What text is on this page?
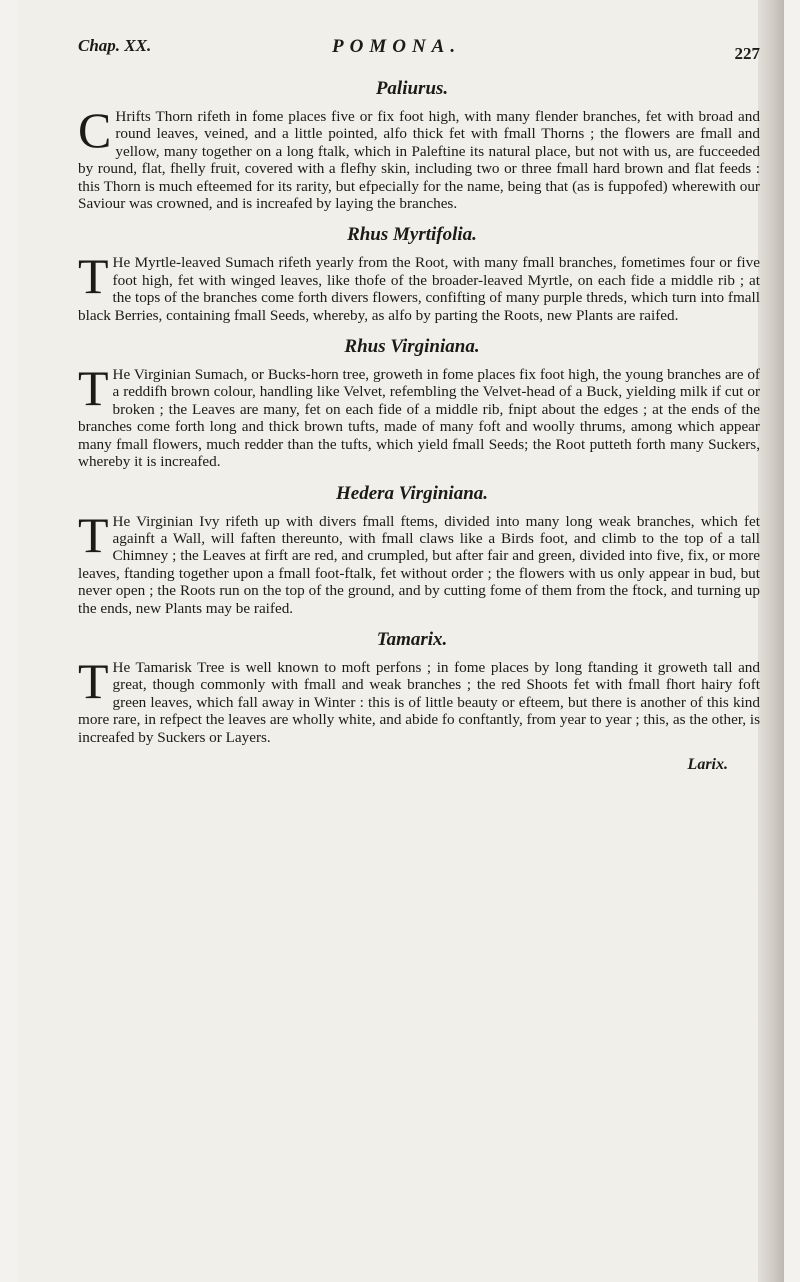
Chap. XX.	POMONA.	227
Paliurus.

C Hrifts Thorn rifeth in fome places five or fix foot high, with many flender branches, fet with broad and round leaves, veined, and a little pointed, alfo thick fet with fmall Thorns ; the flowers are fmall and yellow, many together on a long ftalk, which in Paleftine its natural place, but not with us, are fucceeded by round, flat, fhelly fruit, covered with a flefhy skin, including two or three fmall hard brown and flat feeds : this Thorn is much efteemed for its rarity, but efpecially for the name, being that (as is fuppofed) wherewith our Saviour was crowned, and is increafed by laying the branches.

Rhus Myrtifolia.

T He Myrtle-leaved Sumach rifeth yearly from the Root, with many fmall branches, fometimes four or five foot high, fet with winged leaves, like thofe of the broader-leaved Myrtle, on each fide a middle rib ; at the tops of the branches come forth divers flowers, confifting of many purple threds, which turn into fmall black Berries, containing fmall Seeds, whereby, as alfo by parting the Roots, new Plants are raifed.

Rhus Virginiana.

T He Virginian Sumach, or Bucks-horn tree, groweth in fome places fix foot high, the young branches are of a reddifh brown colour, handling like Velvet, refembling the Velvet-head of a Buck, yielding milk if cut or broken ; the Leaves are many, fet on each fide of a middle rib, fnipt about the edges ; at the ends of the branches come forth long and thick brown tufts, made of many foft and woolly thrums, among which appear many fmall flowers, much redder than the tufts, which yield fmall Seeds; the Root putteth forth many Suckers, whereby it is increafed.

Hedera Virginiana.

T He Virginian Ivy rifeth up with divers fmall ftems, divided into many long weak branches, which fet againft a Wall, will faften thereunto, with fmall claws like a Birds foot, and climb to the top of a tall Chimney ; the Leaves at firft are red, and crumpled, but after fair and green, divided into five, fix, or more leaves, ftanding together upon a fmall foot-ftalk, fet without order ; the flowers with us only appear in bud, but never open ; the Roots run on the top of the ground, and by cutting fome of them from the ftock, and turning up the ends, new Plants may be raifed.

Tamarix.

T He Tamarisk Tree is well known to moft perfons ; in fome places by long ftanding it groweth tall and great, though commonly with fmall and weak branches ; the red Shoots fet with fmall fhort hairy foft green leaves, which fall away in Winter : this is of little beauty or efteem, but there is another of this kind more rare, in refpect the leaves are wholly white, and abide fo conftantly, from year to year ; this, as the other, is increafed by Suckers or Layers.

Larix.
